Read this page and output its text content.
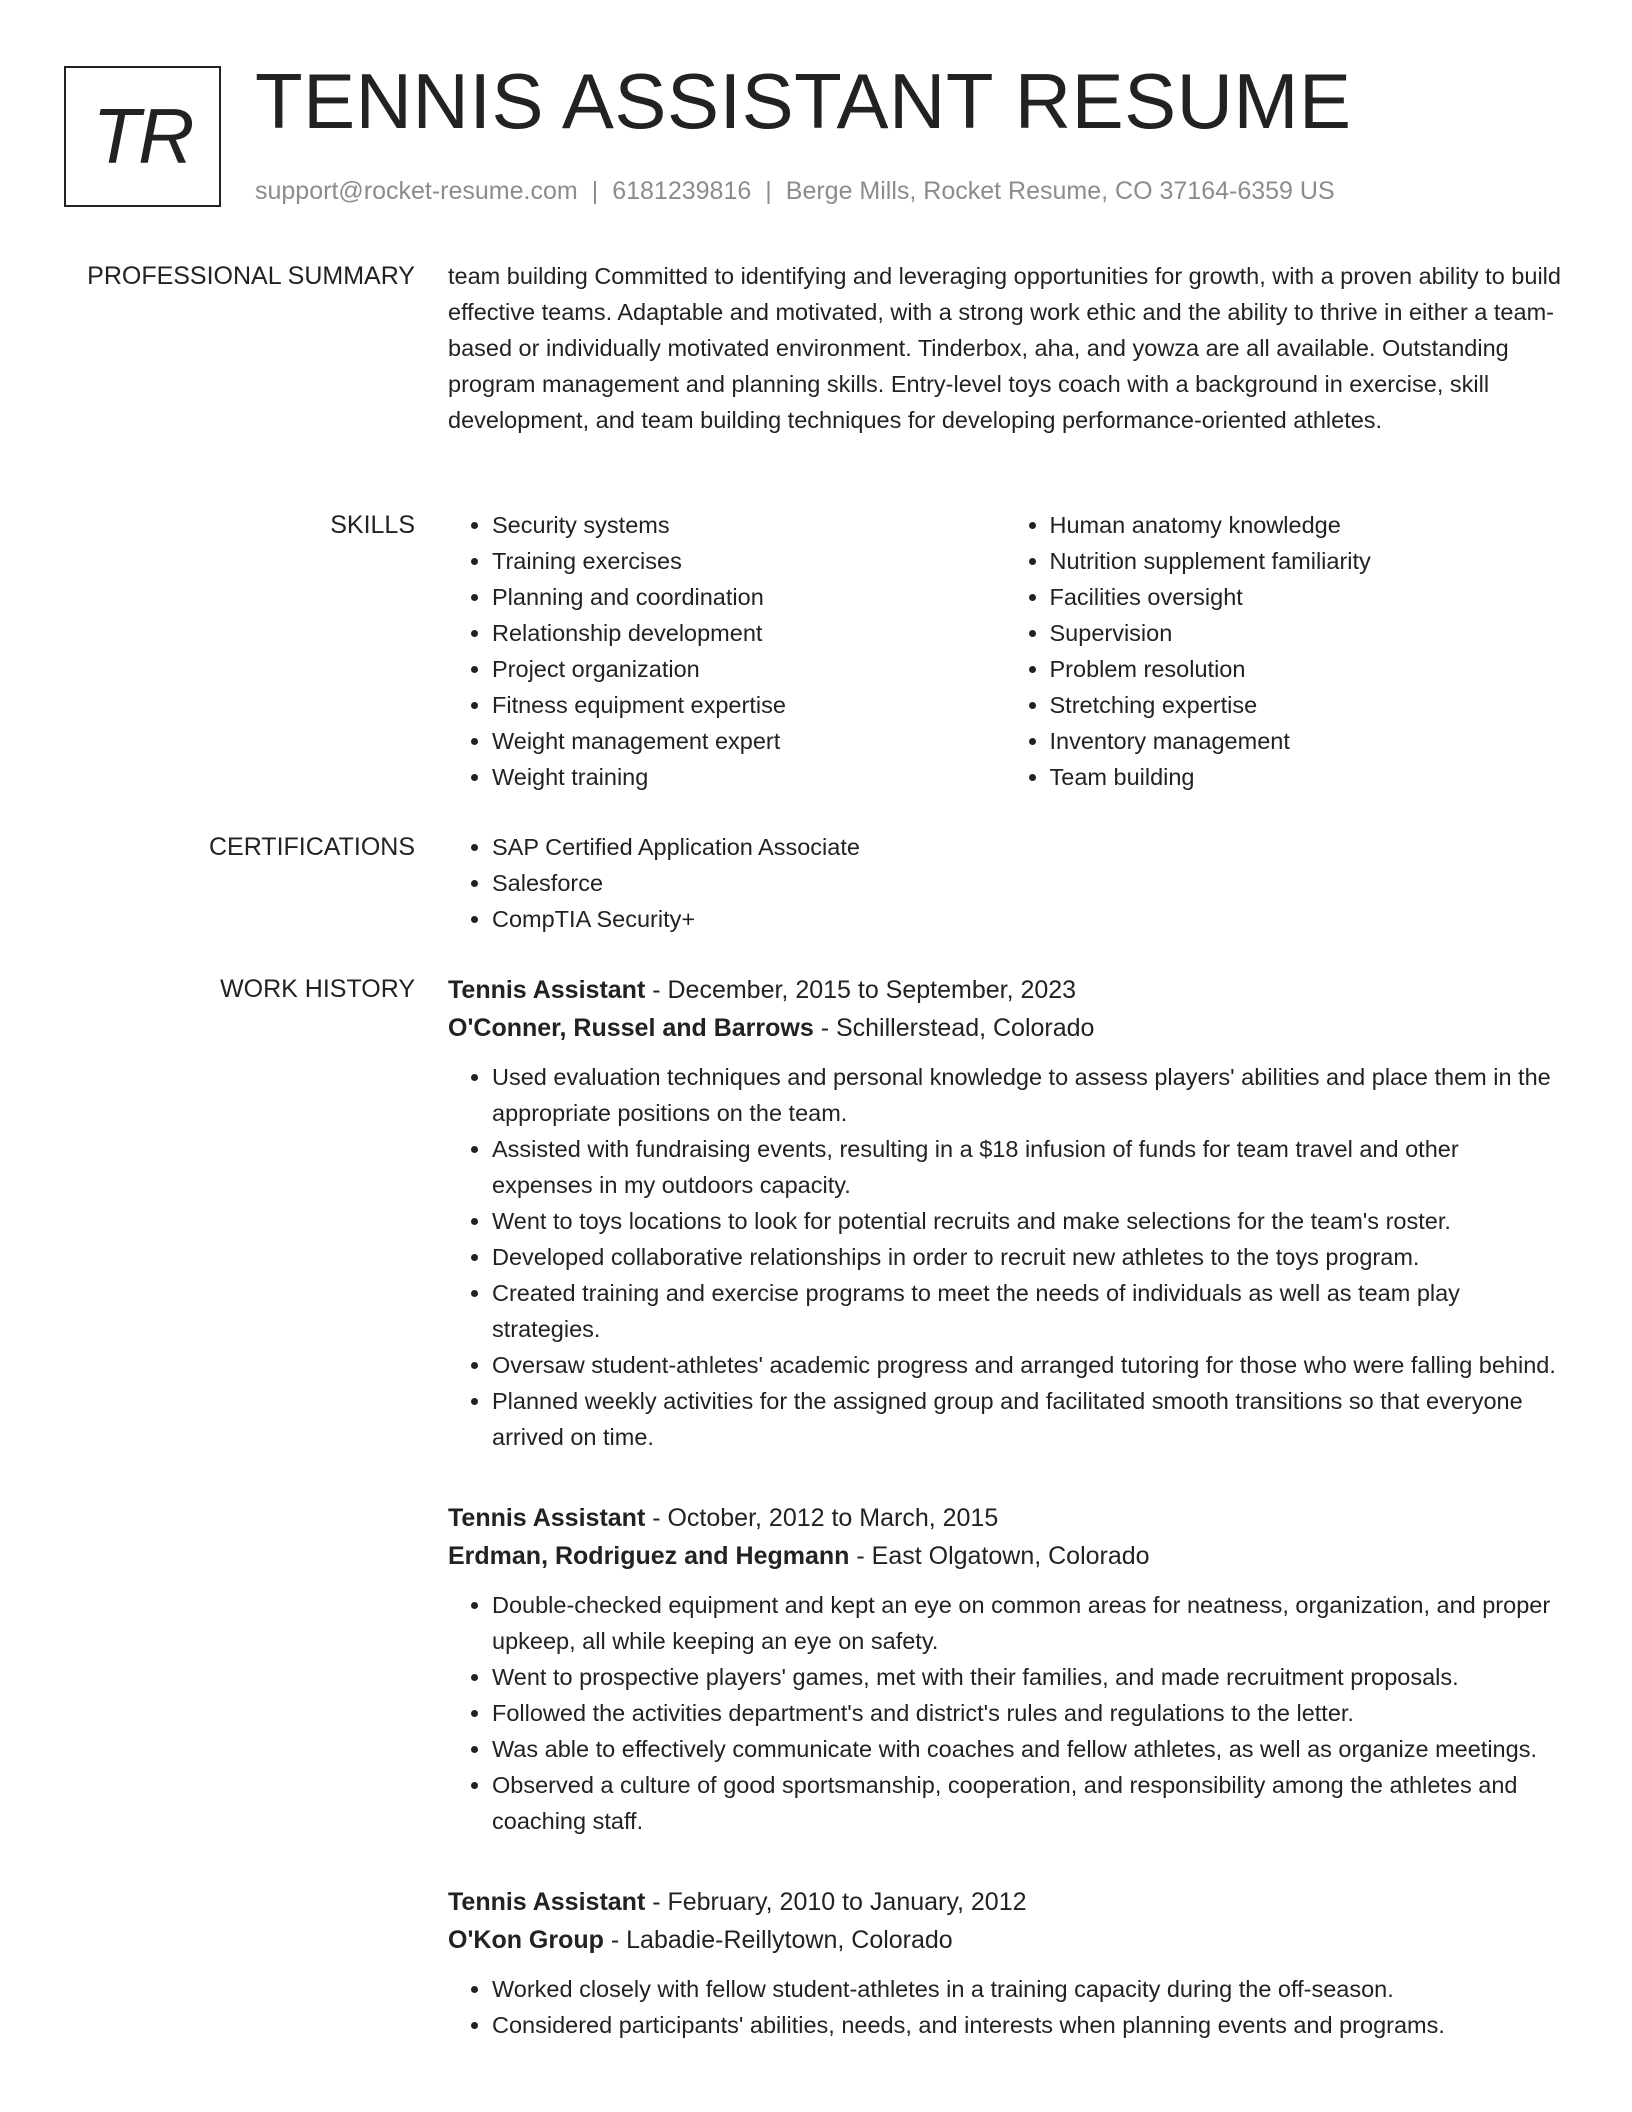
TR TENNIS ASSISTANT RESUME
support@rocket-resume.com | 6181239816 | Berge Mills, Rocket Resume, CO 37164-6359 US
PROFESSIONAL SUMMARY team building Committed to identifying and leveraging opportunities for growth, with a proven ability to build effective teams. Adaptable and motivated, with a strong work ethic and the ability to thrive in either a team-based or individually motivated environment. Tinderbox, aha, and yowza are all available. Outstanding program management and planning skills. Entry-level toys coach with a background in exercise, skill development, and team building techniques for developing performance-oriented athletes.

SKILLS	• Security systems
• Training exercises
• Planning and coordination
• Relationship development
• Project organization
• Fitness equipment expertise
• Weight management expert
• Weight training
• Human anatomy knowledge
• Nutrition supplement familiarity
• Facilities oversight
• Supervision
• Problem resolution
• Stretching expertise
• Inventory management
• Team building
CERTIFICATIONS	• SAP Certified Application Associate
• Salesforce
• CompTIA Security+
WORK HISTORY Tennis Assistant - December, 2015 to September, 2023
O'Conner, Russel and Barrows - Schillerstead, Colorado
• Used evaluation techniques and personal knowledge to assess players' abilities and place them in the appropriate positions on the team.
• Assisted with fundraising events, resulting in a $18 infusion of funds for team travel and other expenses in my outdoors capacity.
• Went to toys locations to look for potential recruits and make selections for the team's roster.
• Developed collaborative relationships in order to recruit new athletes to the toys program.
• Created training and exercise programs to meet the needs of individuals as well as team play strategies.
• Oversaw student-athletes' academic progress and arranged tutoring for those who were falling behind.
• Planned weekly activities for the assigned group and facilitated smooth transitions so that everyone arrived on time.
Tennis Assistant - October, 2012 to March, 2015
Erdman, Rodriguez and Hegmann - East Olgatown, Colorado
• Double-checked equipment and kept an eye on common areas for neatness, organization, and proper upkeep, all while keeping an eye on safety.
• Went to prospective players' games, met with their families, and made recruitment proposals.
• Followed the activities department's and district's rules and regulations to the letter.
• Was able to effectively communicate with coaches and fellow athletes, as well as organize meetings.
• Observed a culture of good sportsmanship, cooperation, and responsibility among the athletes and coaching staff.
Tennis Assistant - February, 2010 to January, 2012
O'Kon Group - Labadie-Reillytown, Colorado
• Worked closely with fellow student-athletes in a training capacity during the off-season.
• Considered participants' abilities, needs, and interests when planning events and programs.
